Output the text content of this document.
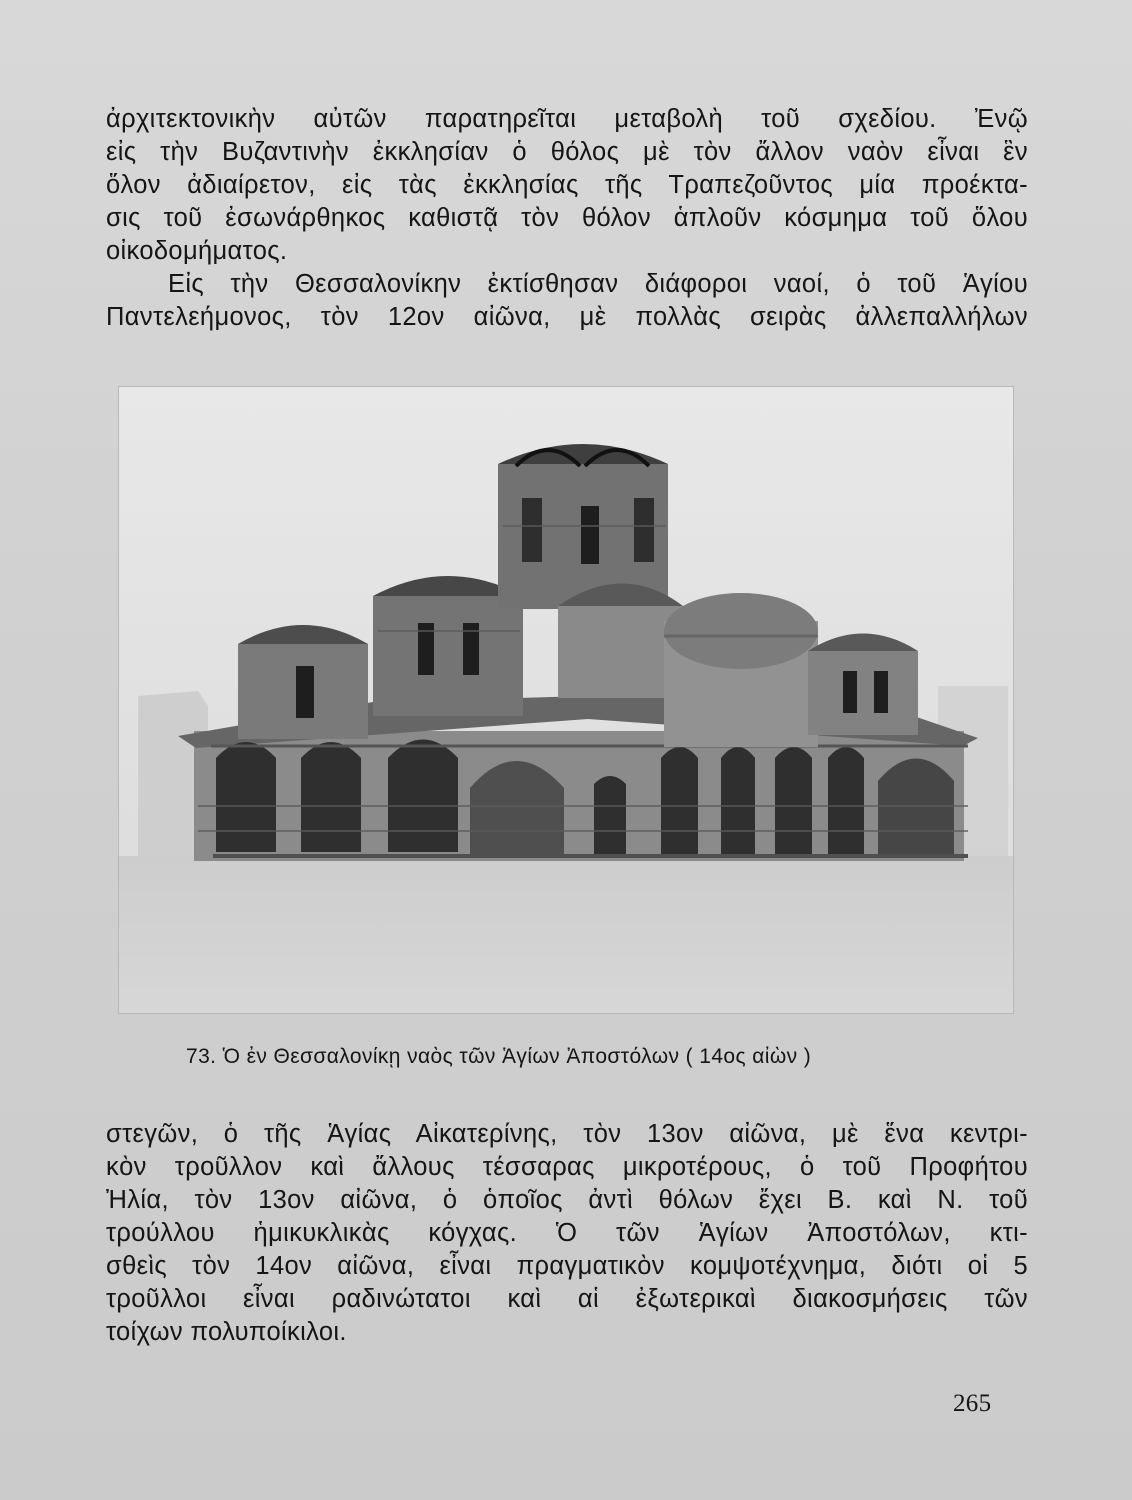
ἀρχιτεκτονικὴν αὐτῶν παρατηρεῖται μεταβολὴ τοῦ σχεδίου. Ἐνῷ
εἰς τὴν Βυζαντινὴν ἐκκλησίαν ὁ θόλος μὲ τὸν ἄλλον ναὸν εἶναι ἓν
ὅλον ἀδιαίρετον, εἰς τὰς ἐκκλησίας τῆς Τραπεζοῦντος μία προέκτα-
σις τοῦ ἐσωνάρθηκος καθιστᾷ τὸν θόλον ἁπλοῦν κόσμημα τοῦ ὅλου
οἰκοδομήματος.
Εἰς τὴν Θεσσαλονίκην ἐκτίσθησαν διάφοροι ναοί, ὁ τοῦ Ἁγίου
Παντελεήμονος, τὸν 12ον αἰῶνα, μὲ πολλὰς σειρὰς ἀλλεπαλλήλων
73. Ὁ ἐν Θεσσαλονίκῃ ναὸς τῶν Ἁγίων Ἀποστόλων ( 14ος αἰὼν )
στεγῶν, ὁ τῆς Ἁγίας Αἰκατερίνης, τὸν 13ον αἰῶνα, μὲ ἕνα κεντρι-
κὸν τροῦλλον καὶ ἄλλους τέσσαρας μικροτέρους, ὁ τοῦ Προφήτου
Ἠλία, τὸν 13ον αἰῶνα, ὁ ὁποῖος ἀντὶ θόλων ἔχει Β. καὶ Ν. τοῦ
τρούλλου ἡμικυκλικὰς κόγχας. Ὁ τῶν Ἁγίων Ἀποστόλων, κτι-
σθεὶς τὸν 14ον αἰῶνα, εἶναι πραγματικὸν κομψοτέχνημα, διότι οἱ 5
τροῦλλοι εἶναι ραδινώτατοι καὶ αἱ ἐξωτερικαὶ διακοσμήσεις τῶν
τοίχων πολυποίκιλοι.
265
